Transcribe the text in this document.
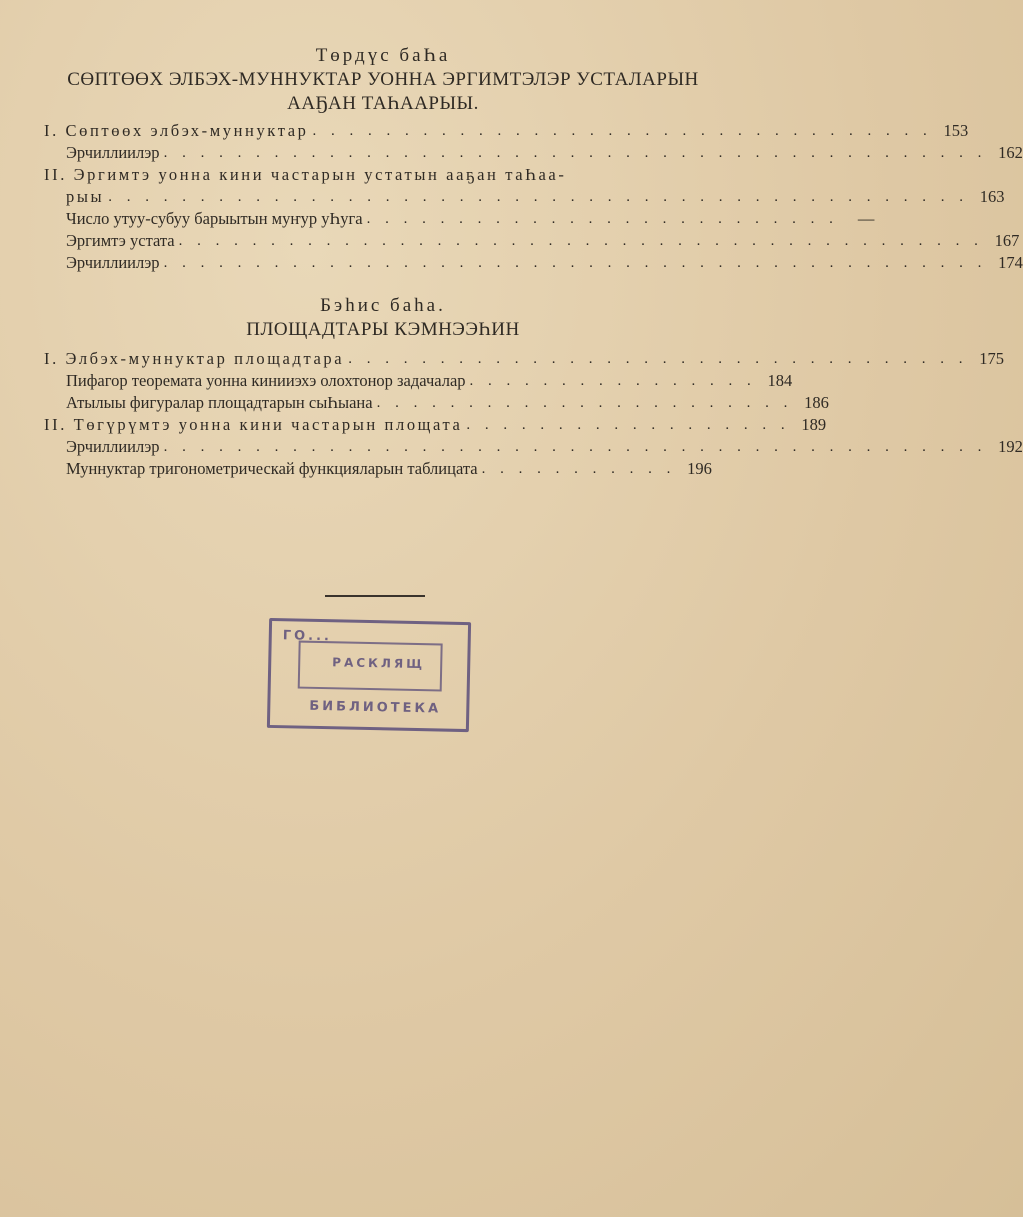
Төрдүс баҺа
СӨПТӨӨХ ЭЛБЭХ-МУННУКТАР УОННА ЭРГИМТЭЛЭР УСТАЛАРЫН
ААҔАН ТАҺААРЫЫ.
I. Сөптөөх элбэх-муннуктар . . . . . . . . . . . . . . . . . . . . . . . . . . . . . . . . . . 153
Эрчиллиилэр . . . . . . . . . . . . . . . . . . . . . . . . . . . . . . . . . . . . . . . . . . . . . 162
II. Эргимтэ уонна кини частарын устатын ааҕан таҺаа-
рыы . . . . . . . . . . . . . . . . . . . . . . . . . . . . . . . . . . . . . . . . . . . . . . . 163
Число утуу-субуу барыытын муҥур уҺуга . . . . . . . . . . . . . . . . . . . . . . . . . .	—
Эргимтэ устата . . . . . . . . . . . . . . . . . . . . . . . . . . . . . . . . . . . . . . . . . . . . 167
Эрчиллиилэр . . . . . . . . . . . . . . . . . . . . . . . . . . . . . . . . . . . . . . . . . . . . . 174
Бэһис баһа.
ПЛОЩАДТАРЫ КЭМНЭЭҺИН
I. Элбэх-муннуктар площадтара . . . . . . . . . . . . . . . . . . . . . . . . . . . . . . . . . . 175
Пифагор теоремата уонна кинииэхэ олохтонор задачалар . . . . . . . . . . . . . . . . 184
Атылыы фигуралар площадтарын сыҺыана . . . . . . . . . . . . . . . . . . . . . . . 186
II. Төгүрүмтэ уонна кини частарын площата . . . . . . . . . . . . . . . . . . 189
Эрчиллиилэр . . . . . . . . . . . . . . . . . . . . . . . . . . . . . . . . . . . . . . . . . . . . . 192
Муннуктар тригонометрическай функцияларын таблицата . . . . . . . . . . . 196
ГО...
РАСКЛЯЩ
БИБЛИОТЕКА
